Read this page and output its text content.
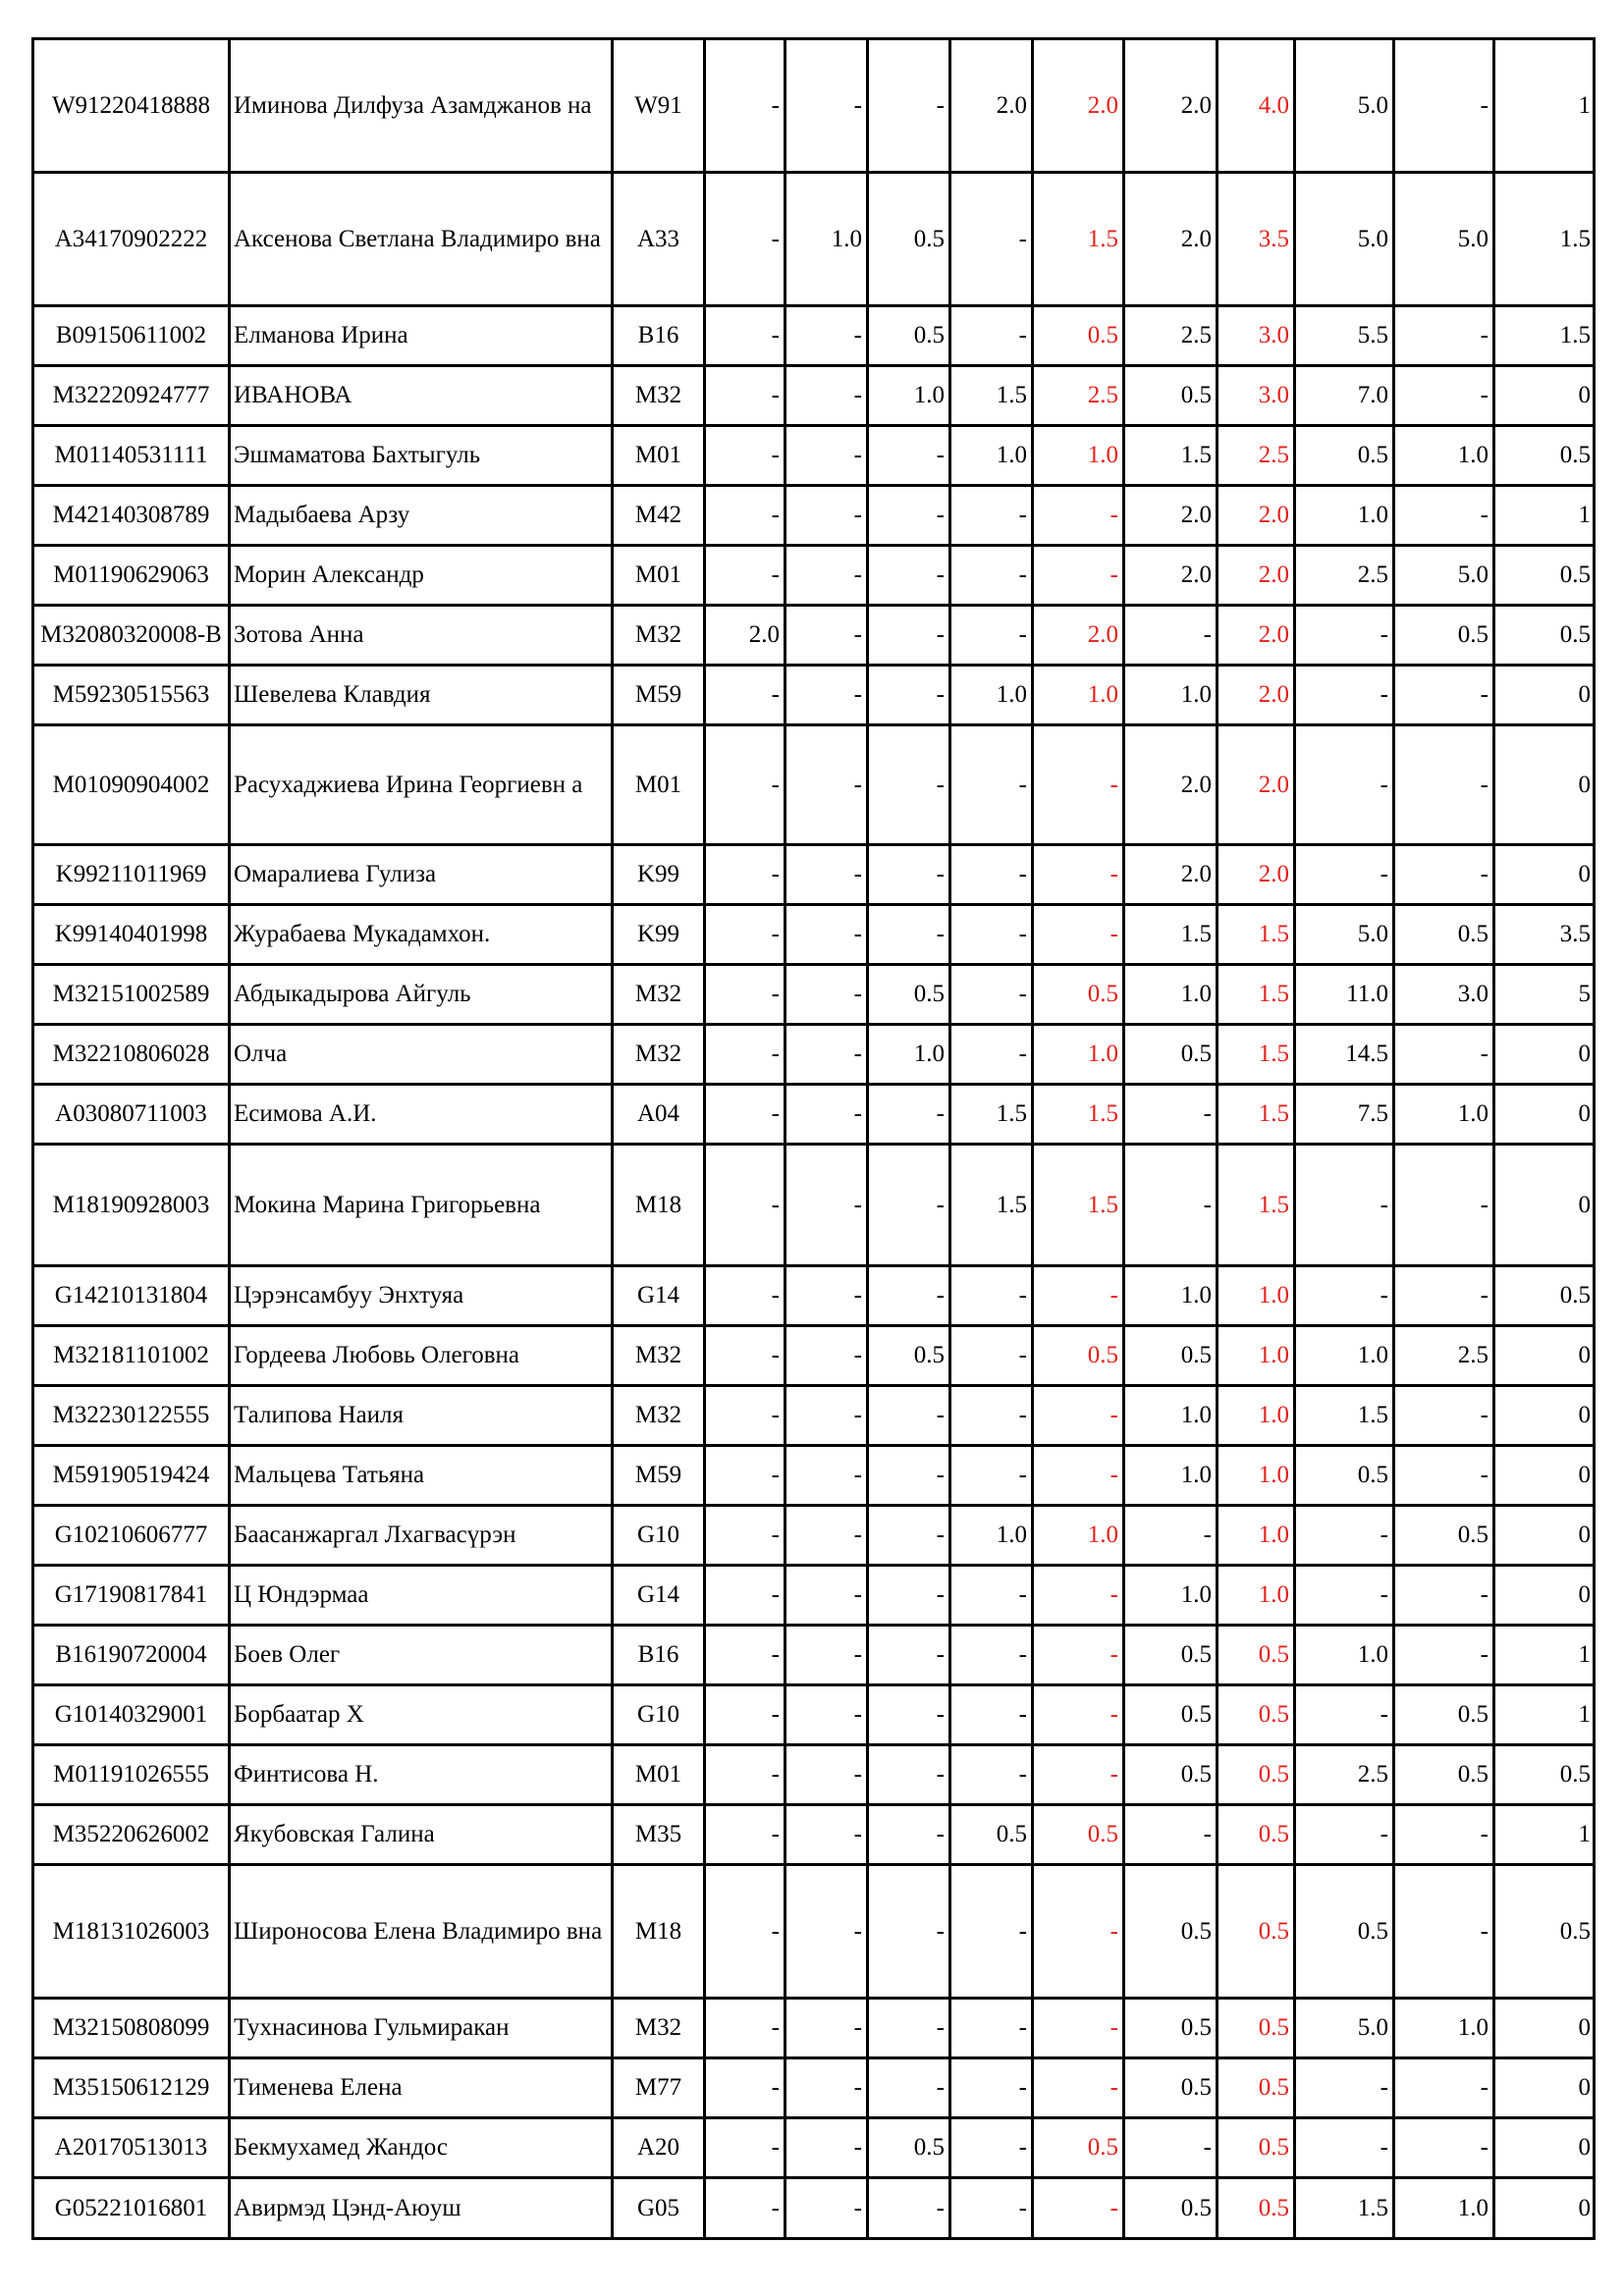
W91220418888	Иминова Дилфуза Азамджанов на	W91	-	-	-	2.0	2.0	2.0	4.0	5.0	-	1
A34170902222	Аксенова Светлана Владимиро вна	A33	-	1.0	0.5	-	1.5	2.0	3.5	5.0	5.0	1.5
B09150611002	Елманова Ирина	B16	-	-	0.5	-	0.5	2.5	3.0	5.5	-	1.5
M32220924777	ИВАНОВА	M32	-	-	1.0	1.5	2.5	0.5	3.0	7.0	-	0
M01140531111	Эшмаматова Бахтыгуль	M01	-	-	-	1.0	1.0	1.5	2.5	0.5	1.0	0.5
M42140308789	Мадыбаева Арзу	M42	-	-	-	-	-	2.0	2.0	1.0	-	1
M01190629063	Морин Александр	M01	-	-	-	-	-	2.0	2.0	2.5	5.0	0.5
M32080320008-B	Зотова Анна	M32	2.0	-	-	-	2.0	-	2.0	-	0.5	0.5
M59230515563	Шевелева Клавдия	M59	-	-	-	1.0	1.0	1.0	2.0	-	-	0
M01090904002	Расухаджиева Ирина Георгиевн а	M01	-	-	-	-	-	2.0	2.0	-	-	0
K99211011969	Омаралиева Гулиза	K99	-	-	-	-	-	2.0	2.0	-	-	0
K99140401998	Журабаева Мукадамхон.	K99	-	-	-	-	-	1.5	1.5	5.0	0.5	3.5
M32151002589	Абдыкадырова Айгуль	M32	-	-	0.5	-	0.5	1.0	1.5	11.0	3.0	5
M32210806028	Олча	M32	-	-	1.0	-	1.0	0.5	1.5	14.5	-	0
A03080711003	Есимова А.И.	A04	-	-	-	1.5	1.5	-	1.5	7.5	1.0	0
M18190928003	Мокина Марина Григорьевна	M18	-	-	-	1.5	1.5	-	1.5	-	-	0
G14210131804	Цэрэнсамбуу Энхтуяа	G14	-	-	-	-	-	1.0	1.0	-	-	0.5
M32181101002	Гордеева Любовь Олеговна	M32	-	-	0.5	-	0.5	0.5	1.0	1.0	2.5	0
M32230122555	Талипова Наиля	M32	-	-	-	-	-	1.0	1.0	1.5	-	0
M59190519424	Мальцева Татьяна	M59	-	-	-	-	-	1.0	1.0	0.5	-	0
G10210606777	Баасанжаргал Лхагвасүрэн	G10	-	-	-	1.0	1.0	-	1.0	-	0.5	0
G17190817841	Ц Юндэрмаа	G14	-	-	-	-	-	1.0	1.0	-	-	0
B16190720004	Боев Олег	B16	-	-	-	-	-	0.5	0.5	1.0	-	1
G10140329001	Борбаатар Х	G10	-	-	-	-	-	0.5	0.5	-	0.5	1
M01191026555	Финтисова Н.	M01	-	-	-	-	-	0.5	0.5	2.5	0.5	0.5
M35220626002	Якубовская Галина	M35	-	-	-	0.5	0.5	-	0.5	-	-	1
M18131026003	Широносова Елена Владимиро вна	M18	-	-	-	-	-	0.5	0.5	0.5	-	0.5
M32150808099	Тухнасинова Гульмиракан	M32	-	-	-	-	-	0.5	0.5	5.0	1.0	0
M35150612129	Тименева Елена	M77	-	-	-	-	-	0.5	0.5	-	-	0
A20170513013	Бекмухамед Жандос	A20	-	-	0.5	-	0.5	-	0.5	-	-	0
G05221016801	Авирмэд Цэнд-Аюуш	G05	-	-	-	-	-	0.5	0.5	1.5	1.0	0
